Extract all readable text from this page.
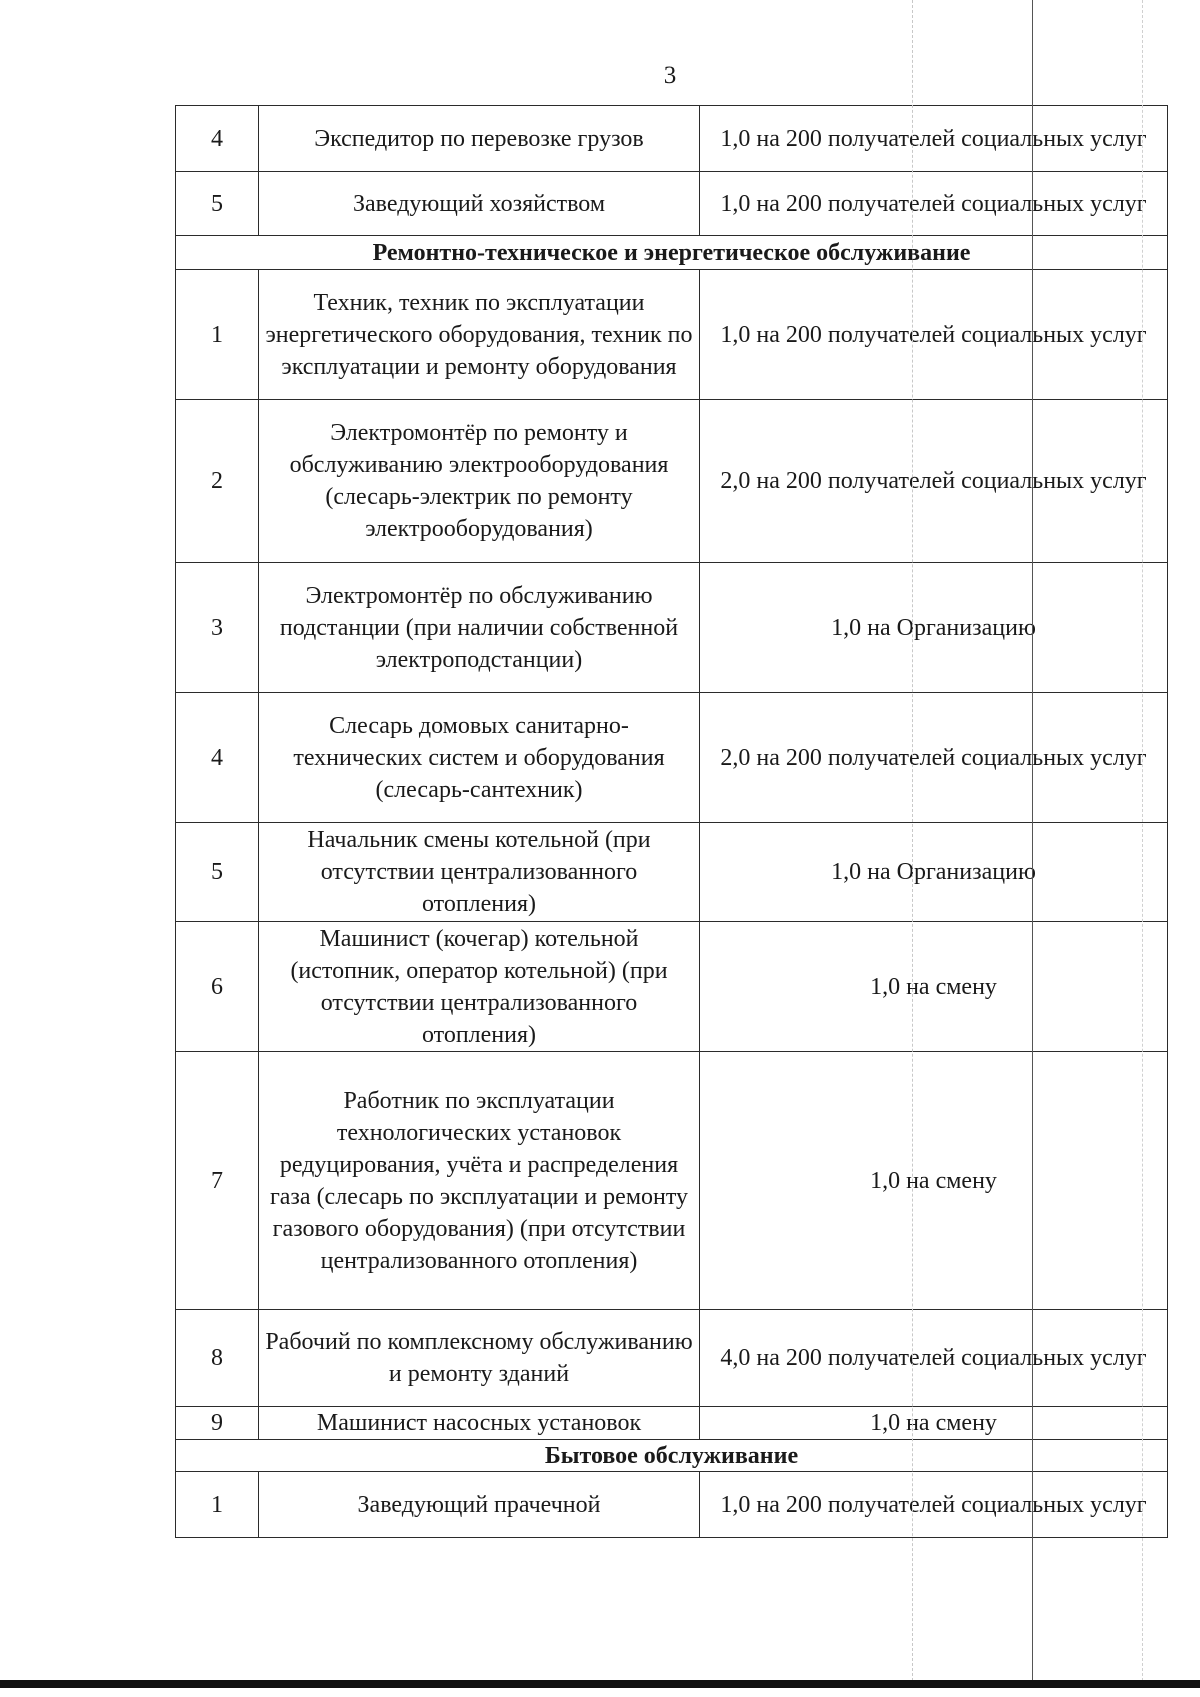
3
4	Экспедитор по перевозке грузов	1,0 на 200 получателей социальных услуг
5	Заведующий хозяйством	1,0 на 200 получателей социальных услуг
Ремонтно-техническое и энергетическое обслуживание		
1	Техник, техник по эксплуатации энергетического оборудования, техник по эксплуатации и ремонту оборудования	1,0 на 200 получателей социальных услуг
2	Электромонтёр по ремонту и обслуживанию электрооборудования (слесарь-электрик по ремонту электрооборудования)	2,0 на 200 получателей социальных услуг
3	Электромонтёр по обслуживанию подстанции (при наличии собственной электроподстанции)	1,0 на Организацию
4	Слесарь домовых санитарно-технических систем и оборудования (слесарь-сантехник)	2,0 на 200 получателей социальных услуг
5	Начальник смены котельной (при отсутствии централизованного отопления)	1,0 на Организацию
6	Машинист (кочегар) котельной (истопник, оператор котельной) (при отсутствии централизованного отопления)	1,0 на смену
7	Работник по эксплуатации технологических установок редуцирования, учёта и распределения газа (слесарь по эксплуатации и ремонту газового оборудования) (при отсутствии централизованного отопления)	1,0 на смену
8	Рабочий по комплексному обслуживанию и ремонту зданий	4,0 на 200 получателей социальных услуг
9	Машинист насосных установок	1,0 на смену
Бытовое обслуживание		
1	Заведующий прачечной	1,0 на 200 получателей социальных услуг
